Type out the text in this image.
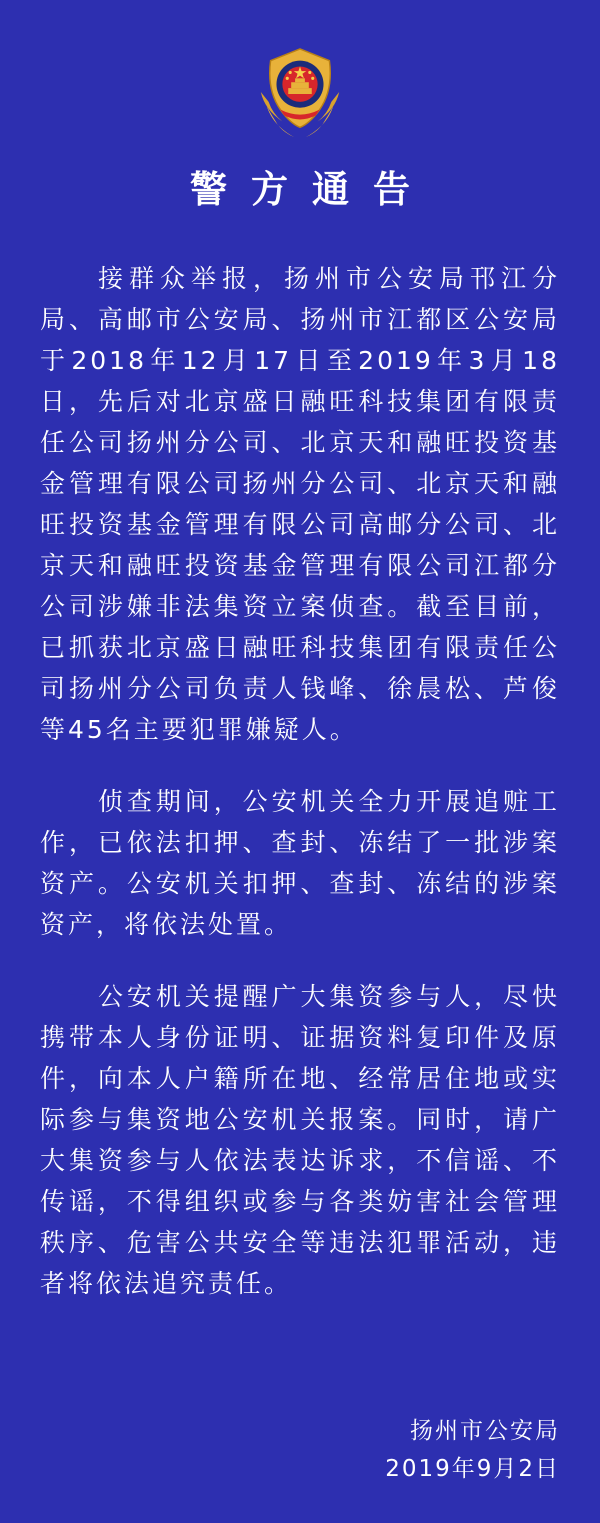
警方通告

接群众举报，扬州市公安局邗江分局、高邮市公安局、扬州市江都区公安局于2018年12月17日至2019年3月18日，先后对北京盛日融旺科技集团有限责任公司扬州分公司、北京天和融旺投资基金管理有限公司扬州分公司、北京天和融旺投资基金管理有限公司高邮分公司、北京天和融旺投资基金管理有限公司江都分公司涉嫌非法集资立案侦查。截至目前，已抓获北京盛日融旺科技集团有限责任公司扬州分公司负责人钱峰、徐晨松、芦俊等45名主要犯罪嫌疑人。

侦查期间，公安机关全力开展追赃工作，已依法扣押、查封、冻结了一批涉案资产。公安机关扣押、查封、冻结的涉案资产，将依法处置。

公安机关提醒广大集资参与人，尽快携带本人身份证明、证据资料复印件及原件，向本人户籍所在地、经常居住地或实际参与集资地公安机关报案。同时，请广大集资参与人依法表达诉求，不信谣、不传谣，不得组织或参与各类妨害社会管理秩序、危害公共安全等违法犯罪活动，违者将依法追究责任。

扬州市公安局
2019年9月2日
